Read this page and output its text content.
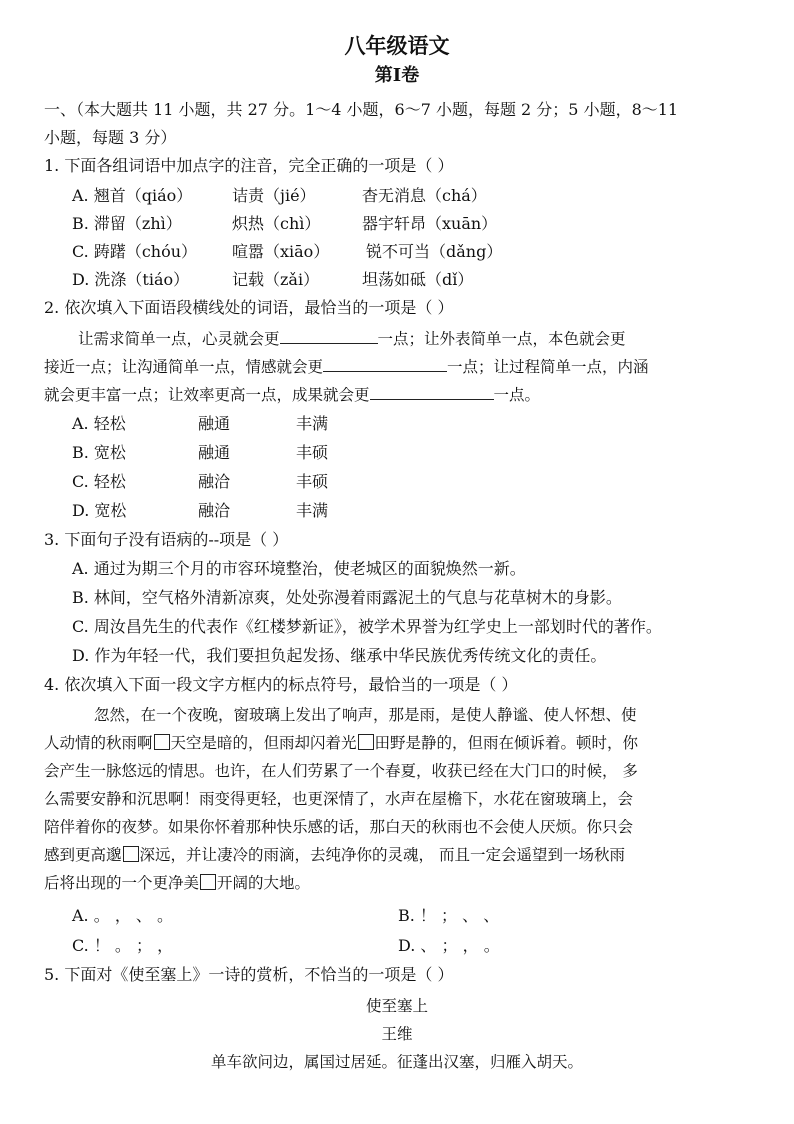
八年级语文
第Ⅰ卷
一、（本大题共 11 小题，共 27 分。1～4 小题，6～7 小题，每题 2 分；5 小题，8～11
小题，每题 3 分）
1. 下面各组词语中加点字的注音，完全正确的一项是（ ）
A. 翘首（qiáo） 诘责（jié）	杳无消息（chá）
B. 滞留（zhì）	炽热（chì）	器宇轩昂（xuān）
C. 踌躇（chóu） 喧嚣（xiāo） 锐不可当（dǎng）
D. 洗涤（tiáo）	记载（zǎi）	坦荡如砥（dǐ）
2. 依次填入下面语段横线处的词语，最恰当的一项是（ ）
让需求简单一点，心灵就会更	一点；让外表简单一点，本色就会更
接近一点；让沟通简单一点，情感就会更	一点；让过程简单一点，内涵
就会更丰富一点；让效率更高一点，成果就会更	一点。
A. 轻松	融通	丰满
B. 宽松	融通	丰硕
C. 轻松	融洽	丰硕
D. 宽松	融洽	丰满
3. 下面句子没有语病的--项是（ ）
A. 通过为期三个月的市容环境整治，使老城区的面貌焕然一新。
B. 林间，空气格外清新凉爽，处处弥漫着雨露泥土的气息与花草树木的身影。
C. 周汝昌先生的代表作《红楼梦新证》，被学术界誉为红学史上一部划时代的著作。
D. 作为年轻一代，我们要担负起发扬、继承中华民族优秀传统文化的责任。
4. 依次填入下面一段文字方框内的标点符号，最恰当的一项是（ ）
忽然，在一个夜晚，窗玻璃上发出了响声，那是雨，是使人静谧、使人怀想、使
人动情的秋雨啊 天空是暗的，但雨却闪着光 田野是静的，但雨在倾诉着。顿时，你
会产生一脉悠远的情思。也许，在人们劳累了一个春夏，收获已经在大门口的时候， 多
么需要安静和沉思啊！雨变得更轻，也更深情了，水声在屋檐下，水花在窗玻璃上，会
陪伴着你的夜梦。如果你怀着那种快乐感的话，那白天的秋雨也不会使人厌烦。你只会
感到更高邈 深远，并让凄冷的雨滴，去纯净你的灵魂， 而且一定会遥望到一场秋雨
后将出现的一个更净美 开阔的大地。
A. 。 ， 、 。	B. ！ ； 、 、
C. ！ 。 ； ，	D. 、 ； ， 。
5. 下面对《使至塞上》一诗的赏析，不恰当的一项是（ ）
使至塞上
王维
单车欲问边，属国过居延。征蓬出汉塞，归雁入胡天。
